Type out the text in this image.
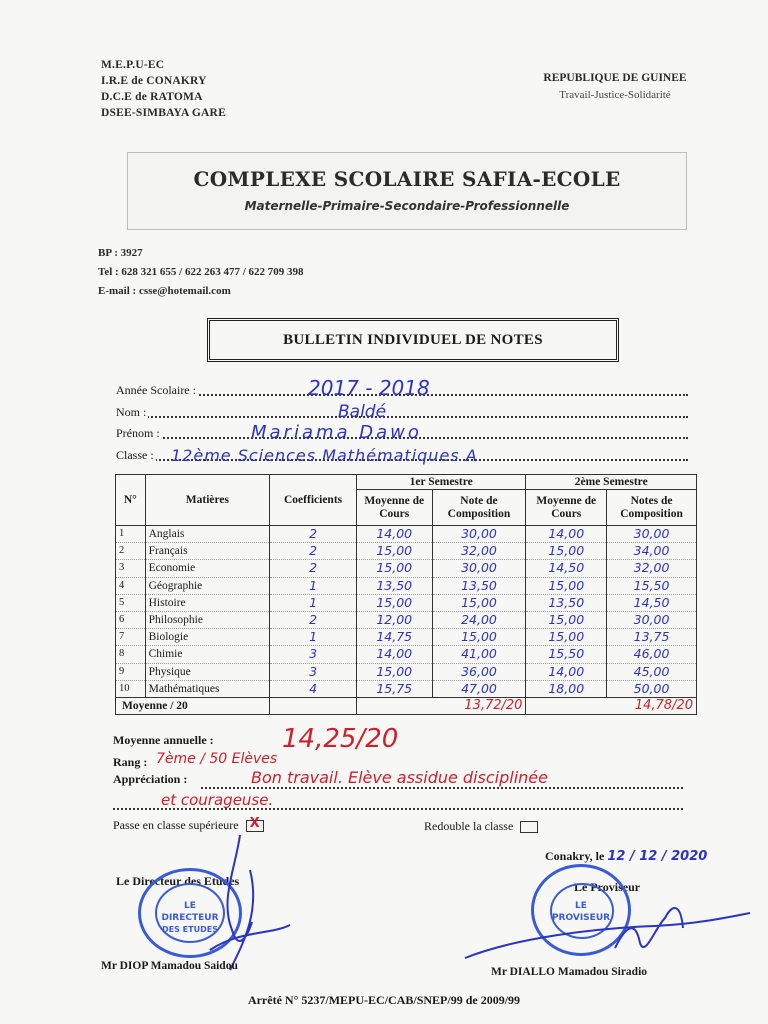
M.E.P.U-EC
I.R.E de CONAKRY
D.C.E de RATOMA
DSEE-SIMBAYA GARE
REPUBLIQUE DE GUINEE
Travail-Justice-Solidarité
COMPLEXE SCOLAIRE SAFIA-ECOLE
Maternelle-Primaire-Secondaire-Professionnelle
BP : 3927
Tel : 628 321 655 / 622 263 477 / 622 709 398
E-mail : csse@hotemail.com
BULLETIN INDIVIDUEL DE NOTES
Année Scolaire :	2017 - 2018
Nom :	Baldé
Prénom :	Mariama Dawo
Classe : 12ème Sciences Mathématiques A
N°	Matières	Coefficients	1er Semestre		2ème Semestre	
			Moyenne de Cours	Note de Composition	Moyenne de Cours	Notes de Composition
1	Anglais	2	14,00	30,00	14,00	30,00
2	Français	2	15,00	32,00	15,00	34,00
3	Economie	2	15,00	30,00	14,50	32,00
4	Géographie	1	13,50	13,50	15,00	15,50
5	Histoire	1	15,00	15,00	13,50	14,50
6	Philosophie	2	12,00	24,00	15,00	30,00
7	Biologie	1	14,75	15,00	15,00	13,75
8	Chimie	3	14,00	41,00	15,50	46,00
9	Physique	3	15,00	36,00	14,00	45,00
10	Mathématiques	4	15,75	47,00	18,00	50,00
Moyenne / 20			13,72/20		14,78/20	
Moyenne annuelle :	14,25/20
Rang : 7ème / 50 Elèves
Appréciation :	Bon travail. Elève assidue disciplinée
et courageuse.
Passe en classe supérieure X	Redouble la classe
Conakry, le 12 / 12 / 2020
Le Proviseur
Le Directeur des Etudes
LE
DIRECTEUR
DES ETUDES
LE
PROVISEUR
Mr DIOP Mamadou Saidou	Mr DIALLO Mamadou Siradio
Arrêté N° 5237/MEPU-EC/CAB/SNEP/99 de 2009/99
